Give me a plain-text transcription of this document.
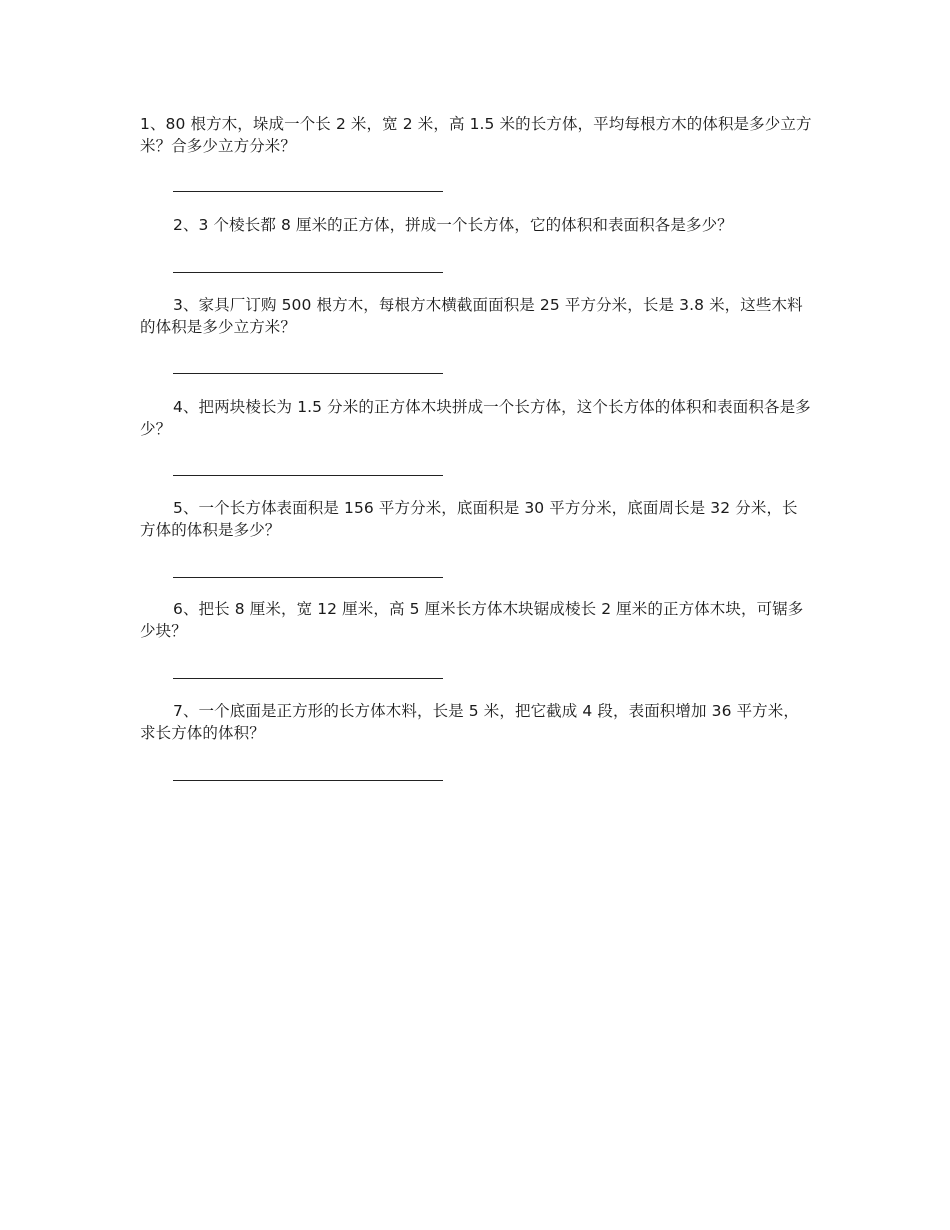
1、80 根方木，垛成一个长 2 米，宽 2 米，高 1.5 米的长方体，平均每根方木的体积是多少立方米？合多少立方分米？

2、3 个棱长都 8 厘米的正方体，拼成一个长方体，它的体积和表面积各是多少？

3、家具厂订购 500 根方木，每根方木横截面面积是 25 平方分米，长是 3.8 米，这些木料的体积是多少立方米？

4、把两块棱长为 1.5 分米的正方体木块拼成一个长方体，这个长方体的体积和表面积各是多少？

5、一个长方体表面积是 156 平方分米，底面积是 30 平方分米，底面周长是 32 分米，长方体的体积是多少？

6、把长 8 厘米，宽 12 厘米，高 5 厘米长方体木块锯成棱长 2 厘米的正方体木块，可锯多少块？

7、一个底面是正方形的长方体木料，长是 5 米，把它截成 4 段，表面积增加 36 平方米，求长方体的体积？
